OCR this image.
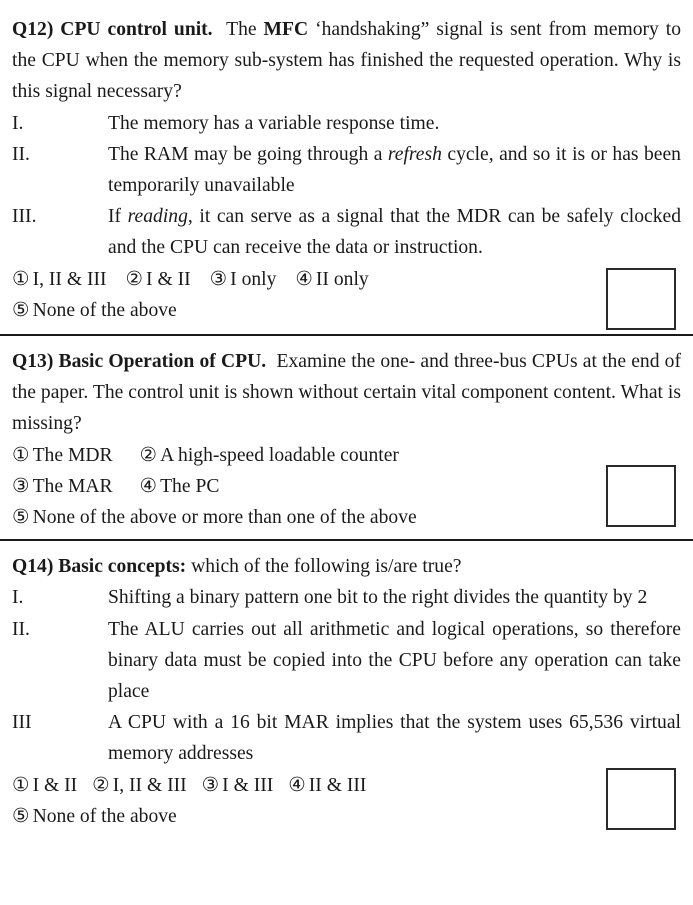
Q12) CPU control unit. The MFC ‘handshaking” signal is sent from memory to the CPU when the memory sub-system has finished the requested operation. Why is this signal necessary?
I.	The memory has a variable response time.
II.	The RAM may be going through a refresh cycle, and so it is or has been temporarily unavailable
III.	If reading, it can serve as a signal that the MDR can be safely clocked and the CPU can receive the data or instruction.
① I, II & III ② I & II ③ I only ④ II only
⑤ None of the above
Q13) Basic Operation of CPU. Examine the one- and three-bus CPUs at the end of the paper. The control unit is shown without certain vital component content. What is missing?
① The MDR ② A high-speed loadable counter
③ The MAR ④ The PC
⑤ None of the above or more than one of the above
Q14) Basic concepts: which of the following is/are true?
I.	Shifting a binary pattern one bit to the right divides the quantity by 2
II.	The ALU carries out all arithmetic and logical operations, so therefore binary data must be copied into the CPU before any operation can take place
III	A CPU with a 16 bit MAR implies that the system uses 65,536 virtual memory addresses
① I & II ② I, II & III ③ I & III ④ II & III
⑤ None of the above
